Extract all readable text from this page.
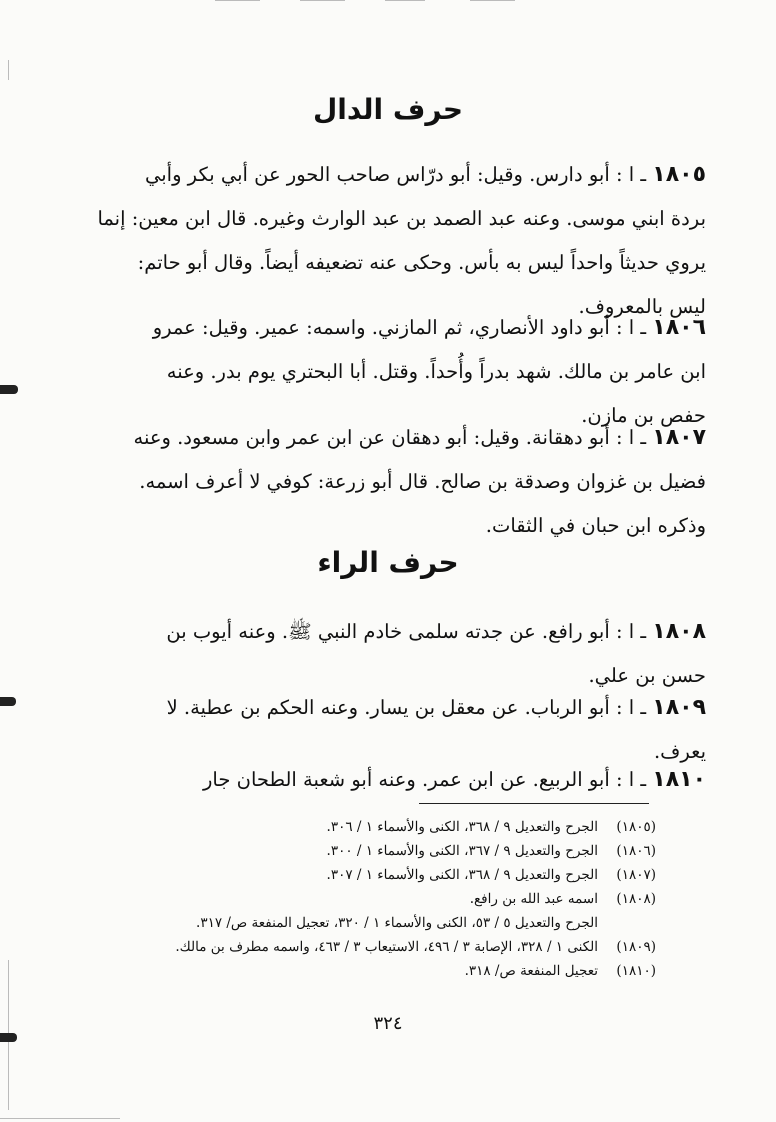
حرف الدال
١٨٠٥ ـ ا : أبو دارس. وقيل: أبو درّاس صاحب الحور عن أبي بكر وأبي
بردة ابني موسى. وعنه عبد الصمد بن عبد الوارث وغيره. قال ابن معين: إنما
يروي حديثاً واحداً ليس به بأس. وحكى عنه تضعيفه أيضاً. وقال أبو حاتم:
ليس بالمعروف.
١٨٠٦ ـ ا : أبو داود الأنصاري، ثم المازني. واسمه: عمير. وقيل: عمرو
ابن عامر بن مالك. شهد بدراً وأُحداً. وقتل. أبا البحتري يوم بدر. وعنه
حفص بن مازن.
١٨٠٧ ـ ا : أبو دهقانة. وقيل: أبو دهقان عن ابن عمر وابن مسعود. وعنه
فضيل بن غزوان وصدقة بن صالح. قال أبو زرعة: كوفي لا أعرف اسمه.
وذكره ابن حبان في الثقات.
حرف الراء
١٨٠٨ ـ ا : أبو رافع. عن جدته سلمى خادم النبي ﷺ. وعنه أيوب بن
حسن بن علي.
١٨٠٩ ـ ا : أبو الرباب. عن معقل بن يسار. وعنه الحكم بن عطية. لا
يعرف.
١٨١٠ ـ ا : أبو الربيع. عن ابن عمر. وعنه أبو شعبة الطحان جار
(١٨٠٥)الجرح والتعديل ٩ / ٣٦٨، الكنى والأسماء ١ / ٣٠٦.
(١٨٠٦)الجرح والتعديل ٩ / ٣٦٧، الكنى والأسماء ١ / ٣٠٠.
(١٨٠٧)الجرح والتعديل ٩ / ٣٦٨، الكنى والأسماء ١ / ٣٠٧.
(١٨٠٨)اسمه عبد الله بن رافع.
الجرح والتعديل ٥ / ٥٣، الكنى والأسماء ١ / ٣٢٠، تعجيل المنفعة ص/ ٣١٧.
(١٨٠٩)الكنى ١ / ٣٢٨، الإصابة ٣ / ٤٩٦، الاستيعاب ٣ / ٤٦٣، واسمه مطرف بن مالك.
(١٨١٠)تعجيل المنفعة ص/ ٣١٨.
٣٢٤
